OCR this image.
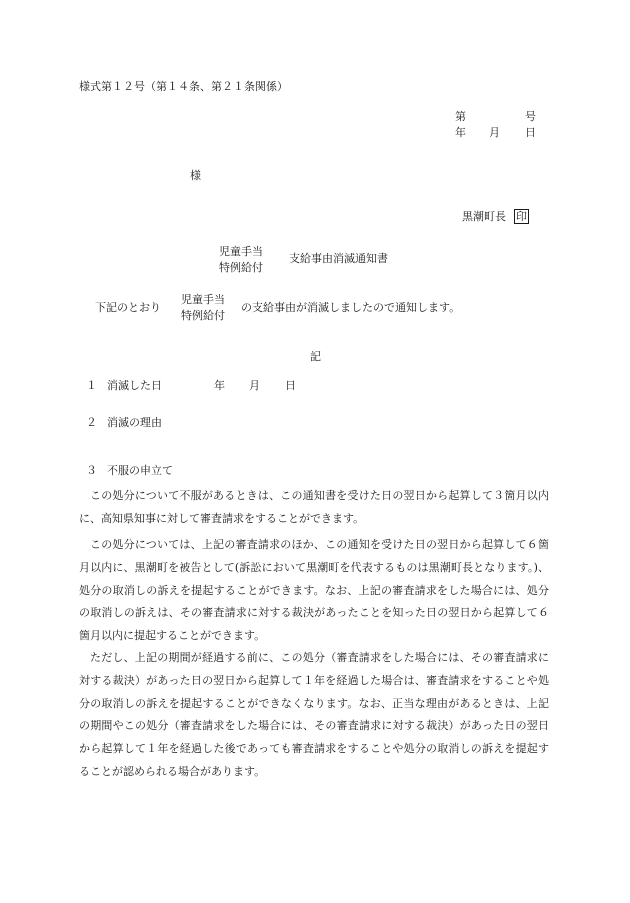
様式第１２号（第１４条、第２１条関係）
第	号
年 月 日
様
黒潮町長 印
児童手当
特例給付
支給事由消滅通知書
下記のとおり
児童手当
特例給付
の支給事由が消滅しましたので通知します。
記
１ 消滅した日	年 月 日
２ 消滅の理由
３ 不服の申立て
この処分について不服があるときは、この通知書を受けた日の翌日から起算して３箇月以内に、高知県知事に対して審査請求をすることができます。
この処分については、上記の審査請求のほか、この通知を受けた日の翌日から起算して６箇月以内に、黒潮町を被告として(訴訟において黒潮町を代表するものは黒潮町長となります。)、処分の取消しの訴えを提起することができます。なお、上記の審査請求をした場合には、処分の取消しの訴えは、その審査請求に対する裁決があったことを知った日の翌日から起算して６箇月以内に提起することができます。
ただし、上記の期間が経過する前に、この処分（審査請求をした場合には、その審査請求に対する裁決）があった日の翌日から起算して１年を経過した場合は、審査請求をすることや処分の取消しの訴えを提起することができなくなります。なお、正当な理由があるときは、上記の期間やこの処分（審査請求をした場合には、その審査請求に対する裁決）があった日の翌日から起算して１年を経過した後であっても審査請求をすることや処分の取消しの訴えを提起することが認められる場合があります。
